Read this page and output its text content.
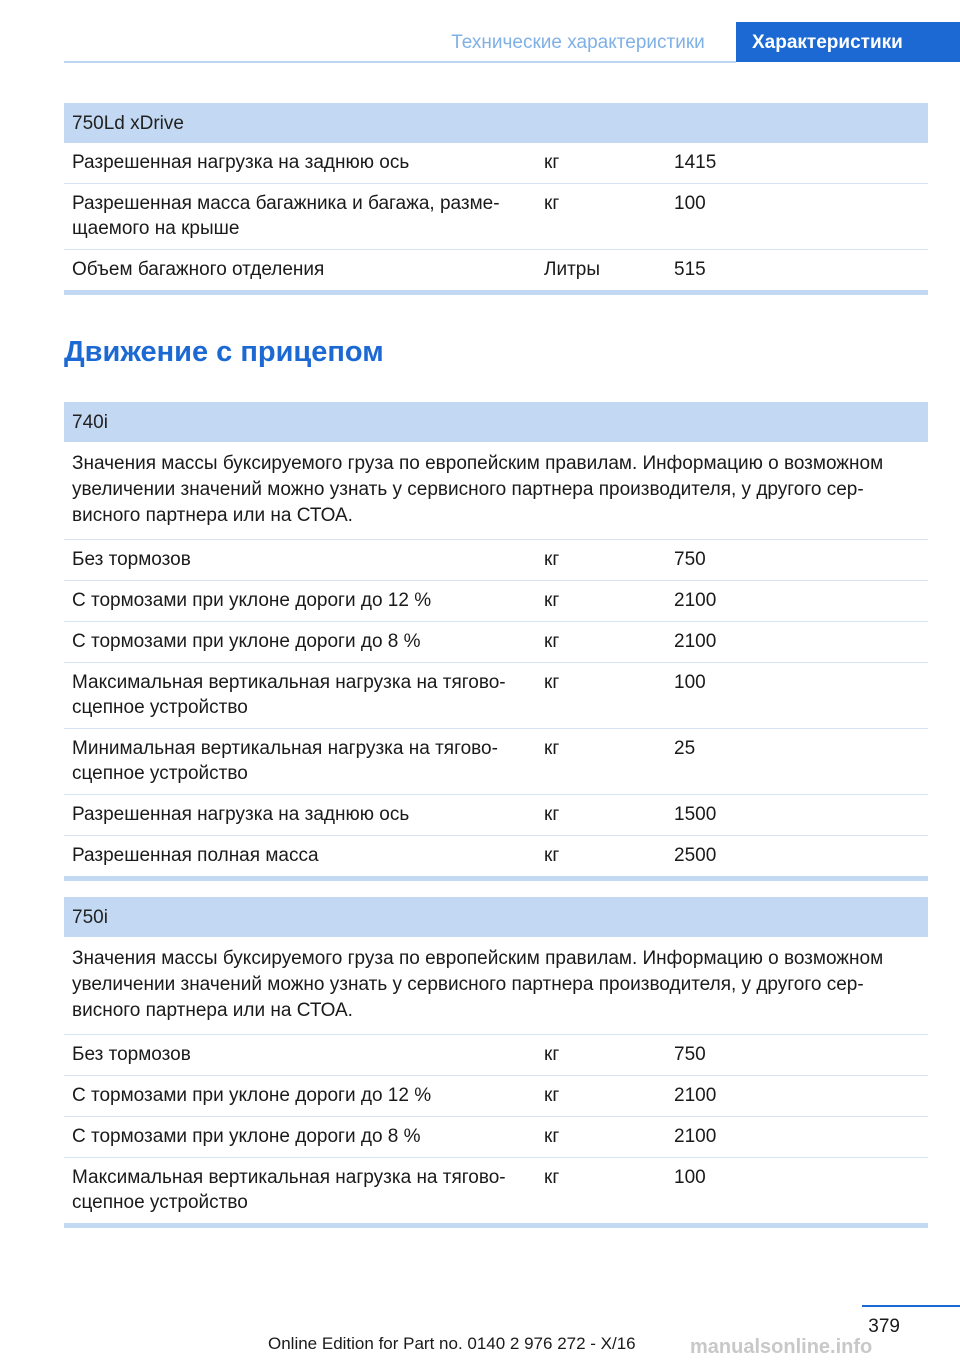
Технические характеристики	Характеристики
750Ld xDrive
Разрешенная нагрузка на заднюю ось	кг	1415
Разрешенная масса багажника и багажа, разме‐
щаемого на крыше
кг	100
Объем багажного отделения	Литры	515
Движение с прицепом
740i
Значения массы буксируемого груза по европейским правилам. Информацию о возможном увеличении значений можно узнать у сервисного партнера производителя, у другого сер‐висного партнера или на СТОА.
Без тормозов	кг	750
С тормозами при уклоне дороги до 12 %	кг	2100
С тормозами при уклоне дороги до 8 %	кг	2100
Максимальная вертикальная нагрузка на тягово‐
сцепное устройство
кг	100
Минимальная вертикальная нагрузка на тягово‐
сцепное устройство
кг	25
Разрешенная нагрузка на заднюю ось	кг	1500
Разрешенная полная масса	кг	2500
750i
Значения массы буксируемого груза по европейским правилам. Информацию о возможном увеличении значений можно узнать у сервисного партнера производителя, у другого сер‐висного партнера или на СТОА.
Без тормозов	кг	750
С тормозами при уклоне дороги до 12 %	кг	2100
С тормозами при уклоне дороги до 8 %	кг	2100
Максимальная вертикальная нагрузка на тягово‐
сцепное устройство
кг	100
379
Online Edition for Part no. 0140 2 976 272 - X/16	manualsonline.info
